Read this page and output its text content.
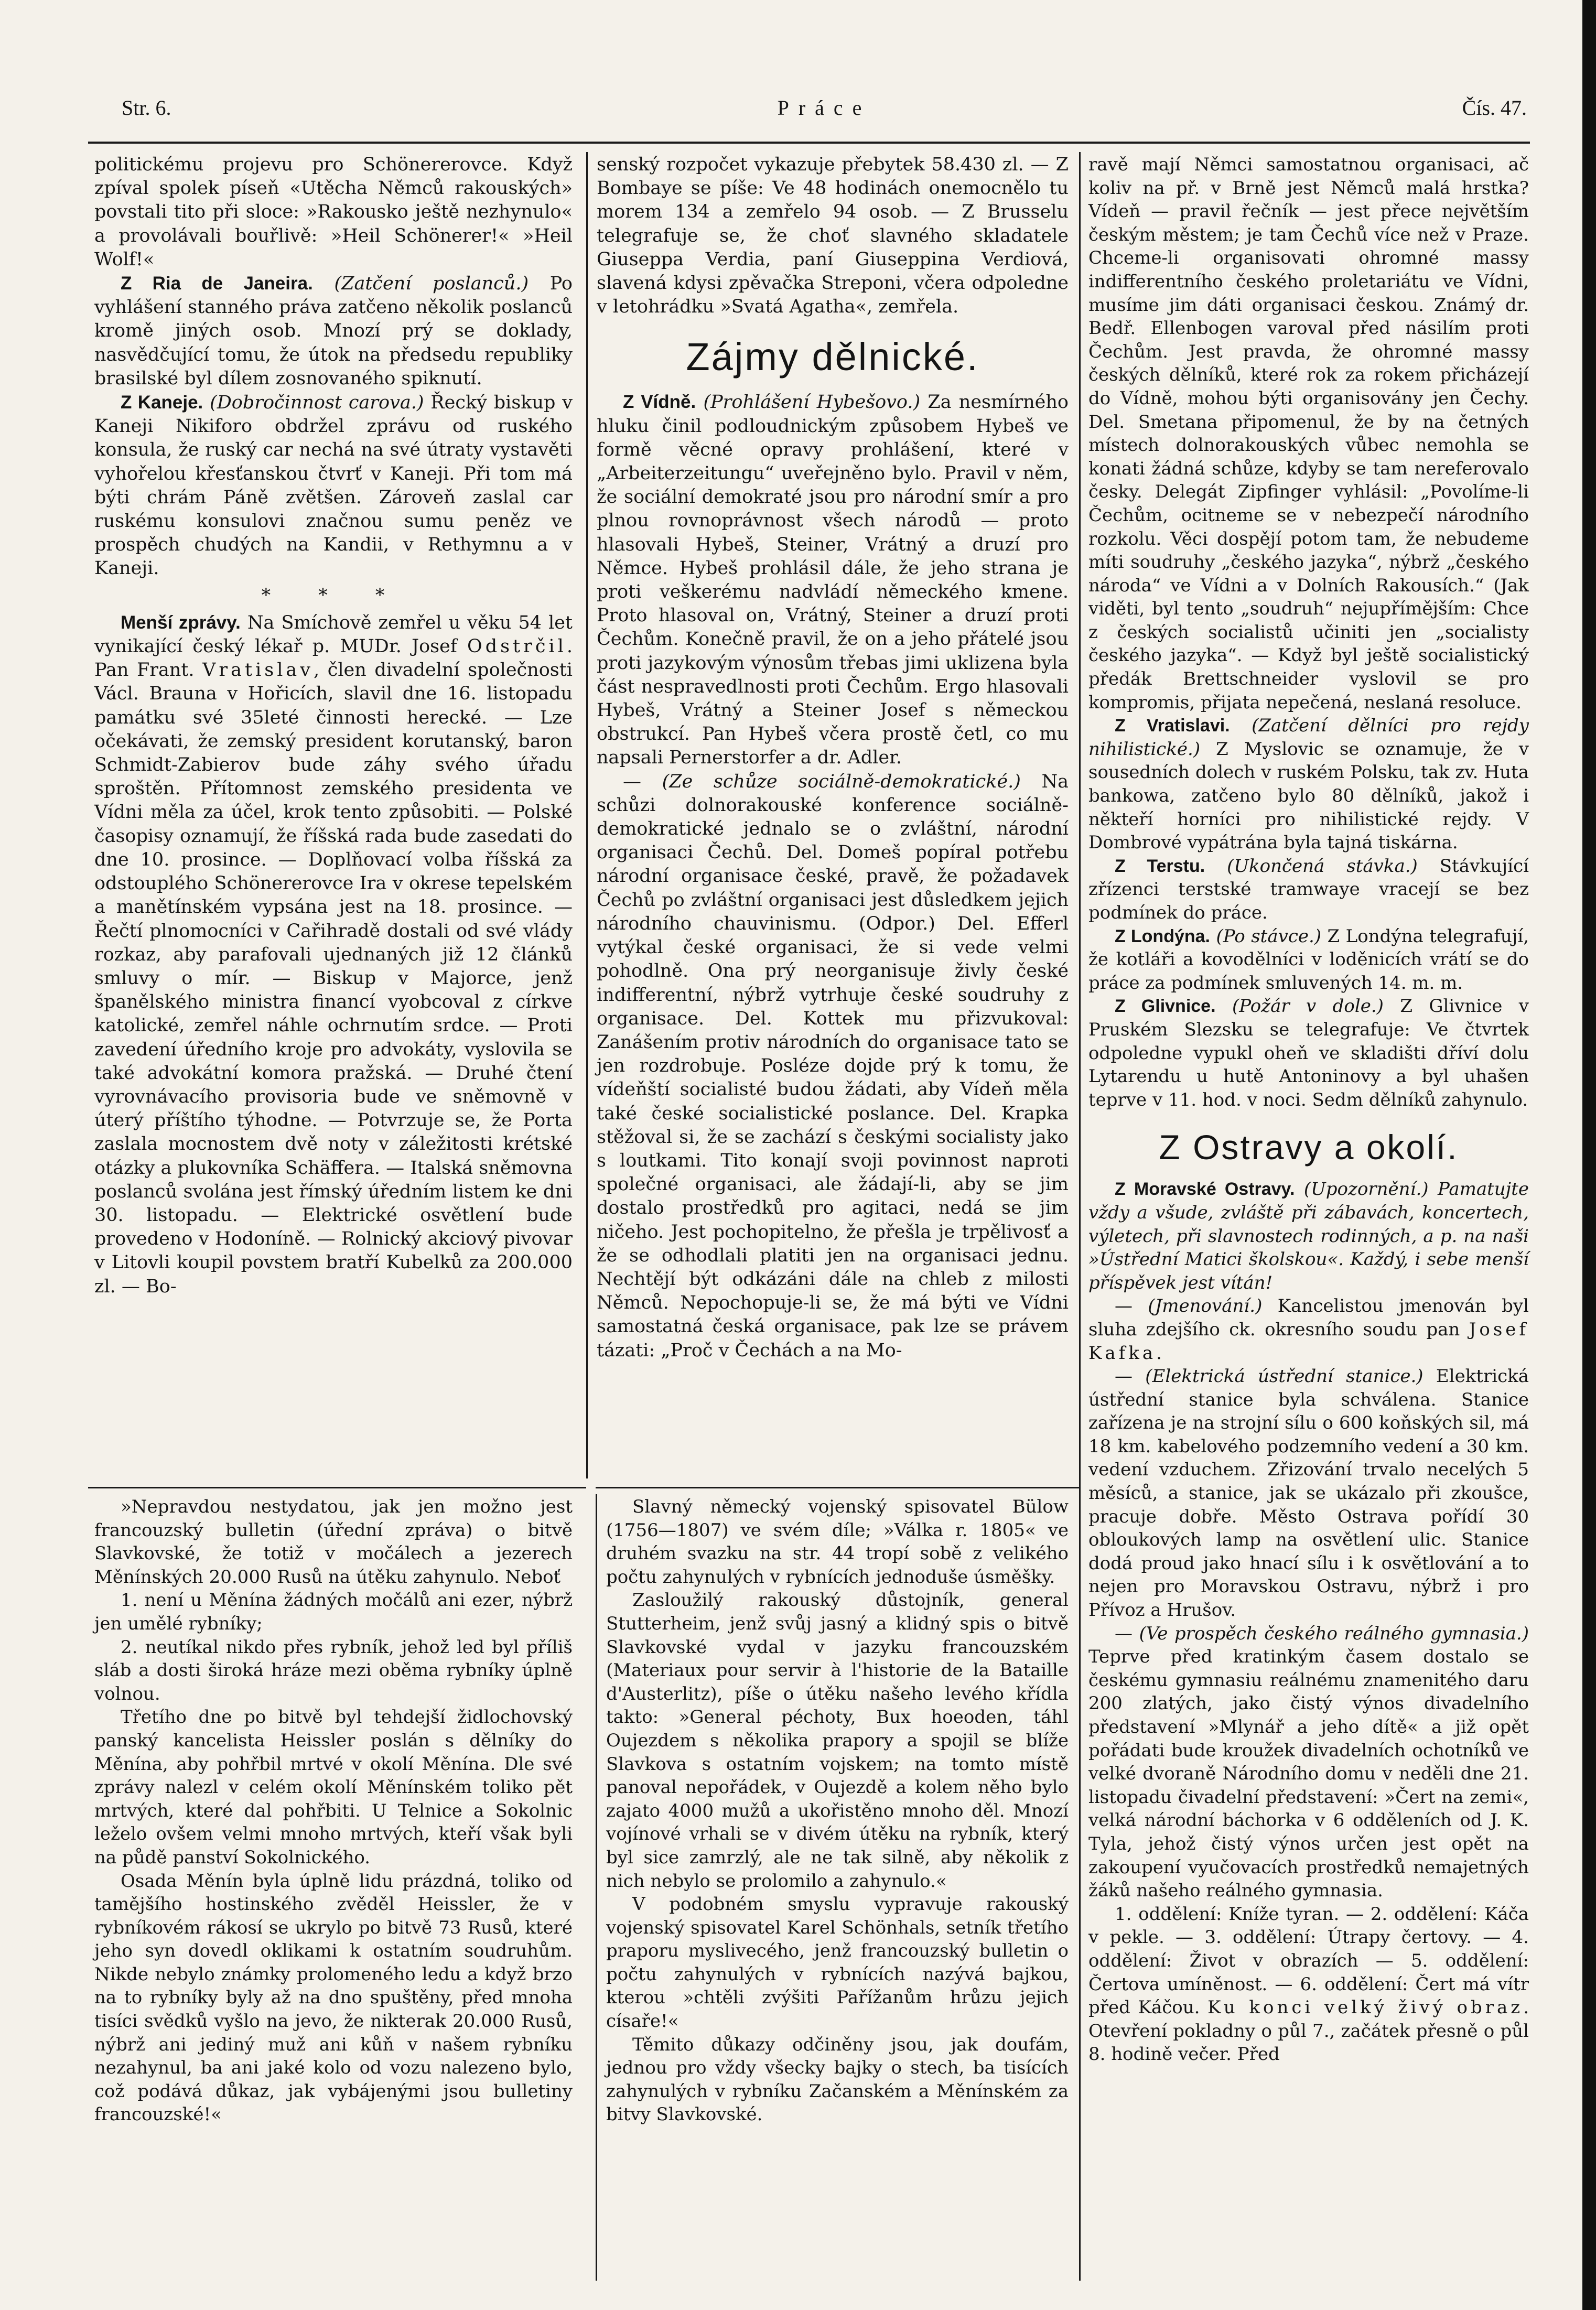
Str. 6.	Práce	Čís. 47.

politickému projevu pro Schönererovce. Když zpíval spolek píseň «Utěcha Němců rakouských» povstali tito při sloce: »Rakousko ještě nezhynulo« a provolávali bouřlivě: »Heil Schönerer!« »Heil Wolf!«

Z Ria de Janeira. (Zatčení poslanců.) Po vyhlášení stanného práva zatčeno několik poslanců kromě jiných osob. Mnozí prý se doklady, nasvědčující tomu, že útok na předsedu republiky brasilské byl dílem zosnovaného spiknutí.

Z Kaneje. (Dobročinnost carova.) Řecký biskup v Kaneji Nikiforo obdržel zprávu od ruského konsula, že ruský car nechá na své útraty vystavěti vyhořelou křesťanskou čtvrť v Kaneji. Při tom má býti chrám Páně zvětšen. Zároveň zaslal car ruskému konsulovi značnou sumu peněz ve prospěch chudých na Kandii, v Rethymnu a v Kaneji.

* * *

Menší zprávy. Na Smíchově zemřel u věku 54 let vynikající český lékař p. MUDr. Josef Odstrčil. Pan Frant. Vratislav, člen divadelní společnosti Václ. Brauna v Hořicích, slavil dne 16. listopadu památku své 35leté činnosti herecké. — Lze očekávati, že zemský president korutanský, baron Schmidt-Zabierov bude záhy svého úřadu sproštěn. Přítomnost zemského presidenta ve Vídni měla za účel, krok tento způsobiti. — Polské časopisy oznamují, že říšská rada bude zasedati do dne 10. prosince. — Doplňovací volba říšská za odstouplého Schönererovce Ira v okrese tepelském a manětínském vypsána jest na 18. prosince. — Řečtí plnomocníci v Cařihradě dostali od své vlády rozkaz, aby parafovali ujednaných již 12 článků smluvy o mír. — Biskup v Majorce, jenž španělského ministra financí vyobcoval z církve katolické, zemřel náhle ochrnutím srdce. — Proti zavedení úředního kroje pro advokáty, vyslovila se také advokátní komora pražská. — Druhé čtení vyrovnávacího provisoria bude ve sněmovně v úterý příštího týhodne. — Potvrzuje se, že Porta zaslala mocnostem dvě noty v záležitosti krétské otázky a plukovníka Schäffera. — Italská sněmovna poslanců svolána jest římský úředním listem ke dni 30. listopadu. — Elektrické osvětlení bude provedeno v Hodoníně. — Rolnický akciový pivovar v Litovli koupil povstem bratří Kubelků za 200.000 zl. — Bo-

senský rozpočet vykazuje přebytek 58.430 zl. — Z Bombaye se píše: Ve 48 hodinách onemocnělo tu morem 134 a zemřelo 94 osob. — Z Brusselu telegrafuje se, že choť slavného skladatele Giuseppa Verdia, paní Giuseppina Verdiová, slavená kdysi zpěvačka Streponi, včera odpoledne v letohrádku »Svatá Agatha«, zemřela.

Zájmy dělnické.

Z Vídně. (Prohlášení Hybešovo.) Za nesmírného hluku činil podloudnickým způsobem Hybeš ve formě věcné opravy prohlášení, které v „Arbeiterzeitungu“ uveřejněno bylo. Pravil v něm, že sociální demokraté jsou pro národní smír a pro plnou rovnoprávnost všech národů — proto hlasovali Hybeš, Steiner, Vrátný a druzí pro Němce. Hybeš prohlásil dále, že jeho strana je proti veškerému nadvládí německého kmene. Proto hlasoval on, Vrátný, Steiner a druzí proti Čechům. Konečně pravil, že on a jeho přátelé jsou proti jazykovým výnosům třebas jimi uklizena byla část nespravedlnosti proti Čechům. Ergo hlasovali Hybeš, Vrátný a Steiner Josef s německou obstrukcí. Pan Hybeš včera prostě četl, co mu napsali Pernerstorfer a dr. Adler.

— (Ze schůze sociálně-demokratické.) Na schůzi dolnorakouské konference sociálně-demokratické jednalo se o zvláštní, národní organisaci Čechů. Del. Domeš popíral potřebu národní organisace české, pravě, že požadavek Čechů po zvláštní organisaci jest důsledkem jejich národního chauvinismu. (Odpor.) Del. Efferl vytýkal české organisaci, že si vede velmi pohodlně. Ona prý neorganisuje živly české indifferentní, nýbrž vytrhuje české soudruhy z organisace. Del. Kottek mu přizvukoval: Zanášením protiv národních do organisace tato se jen rozdrobuje. Posléze dojde prý k tomu, že vídeňští socialisté budou žádati, aby Vídeň měla také české socialistické poslance. Del. Krapka stěžoval si, že se zachází s českými socialisty jako s loutkami. Tito konají svoji povinnost naproti společné organisaci, ale žádají-li, aby se jim dostalo prostředků pro agitaci, nedá se jim ničeho. Jest pochopitelno, že přešla je trpělivosť a že se odhodlali platiti jen na organisaci jednu. Nechtějí být odkázáni dále na chleb z milosti Němců. Nepochopuje-li se, že má býti ve Vídni samostatná česká organisace, pak lze se právem tázati: „Proč v Čechách a na Mo-

ravě mají Němci samostatnou organisaci, ač koliv na př. v Brně jest Němců malá hrstka? Vídeň — pravil řečník — jest přece největším českým městem; je tam Čechů více než v Praze. Chceme-li organisovati ohromné massy indifferentního českého proletariátu ve Vídni, musíme jim dáti organisaci českou. Známý dr. Bedř. Ellenbogen varoval před násilím proti Čechům. Jest pravda, že ohromné massy českých dělníků, které rok za rokem přicházejí do Vídně, mohou býti organisovány jen Čechy. Del. Smetana připomenul, že by na četných místech dolnorakouských vůbec nemohla se konati žádná schůze, kdyby se tam nereferovalo česky. Delegát Zipfinger vyhlásil: „Povolíme-li Čechům, ocitneme se v nebezpečí národního rozkolu. Věci dospějí potom tam, že nebudeme míti soudruhy „českého jazyka“, nýbrž „českého národa“ ve Vídni a v Dolních Rakousích.“ (Jak viděti, byl tento „soudruh“ nejupřímějším: Chce z českých socialistů učiniti jen „socialisty českého jazyka“. — Když byl ještě socialistický předák Brettschneider vyslovil se pro kompromis, přijata nepečená, neslaná resoluce.

Z Vratislavi. (Zatčení dělníci pro rejdy nihilistické.) Z Myslovic se oznamuje, že v sousedních dolech v ruském Polsku, tak zv. Huta bankowa, zatčeno bylo 80 dělníků, jakož i někteří horníci pro nihilistické rejdy. V Dombrové vypátrána byla tajná tiskárna.

Z Terstu. (Ukončená stávka.) Stávkující zřízenci terstské tramwaye vracejí se bez podmínek do práce.

Z Londýna. (Po stávce.) Z Londýna telegrafují, že kotláři a kovodělníci v loděnicích vrátí se do práce za podmínek smluvených 14. m. m.

Z Glivnice. (Požár v dole.) Z Glivnice v Pruském Slezsku se telegrafuje: Ve čtvrtek odpoledne vypukl oheň ve skladišti dříví dolu Lytarendu u hutě Antoninovy a byl uhašen teprve v 11. hod. v noci. Sedm dělníků zahynulo.

Z Ostravy a okolí.

Z Moravské Ostravy. (Upozornění.) Pamatujte vždy a všude, zvláště při zábavách, koncertech, výletech, při slavnostech rodinných, a p. na naši »Ústřední Matici školskou«. Každý, i sebe menší příspěvek jest vítán!

— (Jmenování.) Kancelistou jmenován byl sluha zdejšího ck. okresního soudu pan Josef Kafka.

— (Elektrická ústřední stanice.) Elektrická ústřední stanice byla schválena. Stanice zařízena je na strojní sílu o 600 koňských sil, má 18 km. kabelového podzemního vedení a 30 km. vedení vzduchem. Zřizování trvalo necelých 5 měsíců, a stanice, jak se ukázalo při zkoušce, pracuje dobře. Město Ostrava pořídí 30 obloukových lamp na osvětlení ulic. Stanice dodá proud jako hnací sílu i k osvětlování a to nejen pro Moravskou Ostravu, nýbrž i pro Přívoz a Hrušov.

— (Ve prospěch českého reálného gymnasia.) Teprve před kratinkým časem dostalo se českému gymnasiu reálnému znamenitého daru 200 zlatých, jako čistý výnos divadelního představení »Mlynář a jeho dítě« a již opět pořádati bude kroužek divadelních ochotníků ve velké dvoraně Národního domu v neděli dne 21. listopadu čivadelní představení: »Čert na zemi«, velká národní báchorka v 6 odděleních od J. K. Tyla, jehož čistý výnos určen jest opět na zakoupení vyučovacích prostředků nemajetných žáků našeho reálného gymnasia.

1. oddělení: Kníže tyran. — 2. oddělení: Káča v pekle. — 3. oddělení: Útrapy čertovy. — 4. oddělení: Život v obrazích — 5. oddělení: Čertova umíněnost. — 6. oddělení: Čert má vítr před Káčou. Ku konci velký živý obraz. Otevření pokladny o půl 7., začátek přesně o půl 8. hodině večer. Před

»Nepravdou nestydatou, jak jen možno jest francouzský bulletin (úřední zpráva) o bitvě Slavkovské, že totiž v močálech a jezerech Měnínských 20.000 Rusů na útěku zahynulo. Neboť

1. není u Měnína žádných močálů ani ezer, nýbrž jen umělé rybníky;

2. neutíkal nikdo přes rybník, jehož led byl příliš sláb a dosti široká hráze mezi oběma rybníky úplně volnou.

Třetího dne po bitvě byl tehdejší židlochovský panský kancelista Heissler poslán s dělníky do Měnína, aby pohřbil mrtvé v okolí Měnína. Dle své zprávy nalezl v celém okolí Měnínském toliko pět mrtvých, které dal pohřbiti. U Telnice a Sokolnic leželo ovšem velmi mnoho mrtvých, kteří však byli na půdě panství Sokolnického.

Osada Měnín byla úplně lidu prázdná, toliko od tamějšího hostinského zvěděl Heissler, že v rybníkovém rákosí se ukrylo po bitvě 73 Rusů, které jeho syn dovedl oklikami k ostatním soudruhům. Nikde nebylo známky prolomeného ledu a když brzo na to rybníky byly až na dno spuštěny, před mnoha tisíci svědků vyšlo na jevo, že nikterak 20.000 Rusů, nýbrž ani jediný muž ani kůň v našem rybníku nezahynul, ba ani jaké kolo od vozu nalezeno bylo, což podává důkaz, jak vybájenými jsou bulletiny francouzské!«

Slavný německý vojenský spisovatel Bülow (1756—1807) ve svém díle; »Válka r. 1805« ve druhém svazku na str. 44 tropí sobě z velikého počtu zahynulých v rybnících jednoduše úsměšky.

Zasloužilý rakouský důstojník, general Stutterheim, jenž svůj jasný a klidný spis o bitvě Slavkovské vydal v jazyku francouzském (Materiaux pour servir à l'historie de la Bataille d'Austerlitz), píše o útěku našeho levého křídla takto: »General péchoty, Bux hoeoden, táhl Oujezdem s několika prapory a spojil se blíže Slavkova s ostatním vojskem; na tomto místě panoval nepořádek, v Oujezdě a kolem něho bylo zajato 4000 mužů a ukořistěno mnoho děl. Mnozí vojínové vrhali se v divém útěku na rybník, který byl sice zamrzlý, ale ne tak silně, aby několik z nich nebylo se prolomilo a zahynulo.«

V podobném smyslu vypravuje rakouský vojenský spisovatel Karel Schönhals, setník třetího praporu myslivecého, jenž francouzský bulletin o počtu zahynulých v rybnících nazývá bajkou, kterou »chtěli zvýšiti Pařížanům hrůzu jejich císaře!«

Těmito důkazy odčiněny jsou, jak doufám, jednou pro vždy všecky bajky o stech, ba tisících zahynulých v rybníku Začanském a Měnínském za bitvy Slavkovské.
